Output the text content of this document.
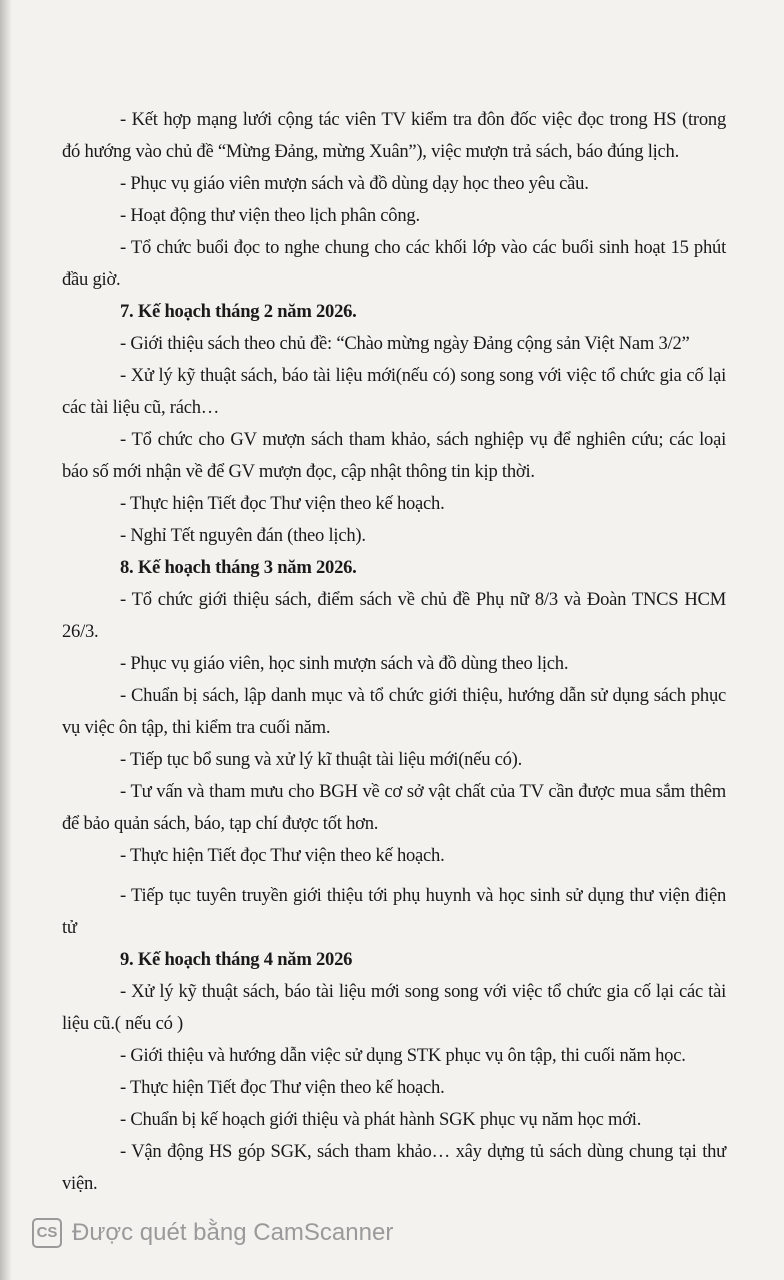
- Kết hợp mạng lưới cộng tác viên TV kiểm tra đôn đốc việc đọc trong HS (trong đó hướng vào chủ đề “Mừng Đảng, mừng Xuân”), việc mượn trả sách, báo đúng lịch.

- Phục vụ giáo viên mượn sách và đồ dùng dạy học theo yêu cầu.

- Hoạt động thư viện theo lịch phân công.

- Tổ chức buổi đọc to nghe chung cho các khối lớp vào các buổi sinh hoạt 15 phút đầu giờ.

7. Kế hoạch tháng 2 năm 2026.

- Giới thiệu sách theo chủ đề: “Chào mừng ngày Đảng cộng sản Việt Nam 3/2”

- Xử lý kỹ thuật sách, báo tài liệu mới(nếu có) song song với việc tổ chức gia cố lại các tài liệu cũ, rách…

- Tổ chức cho GV mượn sách tham khảo, sách nghiệp vụ để nghiên cứu; các loại báo số mới nhận về để GV mượn đọc, cập nhật thông tin kịp thời.

- Thực hiện Tiết đọc Thư viện theo kế hoạch.

- Nghỉ Tết nguyên đán (theo lịch).

8. Kế hoạch tháng 3 năm 2026.

- Tổ chức giới thiệu sách, điểm sách về chủ đề Phụ nữ 8/3 và Đoàn TNCS HCM 26/3.

- Phục vụ giáo viên, học sinh mượn sách và đồ dùng theo lịch.

- Chuẩn bị sách, lập danh mục và tổ chức giới thiệu, hướng dẫn sử dụng sách phục vụ việc ôn tập, thi kiểm tra cuối năm.

- Tiếp tục bổ sung và xử lý kĩ thuật tài liệu mới(nếu có).

- Tư vấn và tham mưu cho BGH về cơ sở vật chất của TV cần được mua sắm thêm để bảo quản sách, báo, tạp chí được tốt hơn.

- Thực hiện Tiết đọc Thư viện theo kế hoạch.

- Tiếp tục tuyên truyền giới thiệu tới phụ huynh và học sinh sử dụng thư viện điện tử

9. Kế hoạch tháng 4 năm 2026

- Xử lý kỹ thuật sách, báo tài liệu mới song song với việc tổ chức gia cố lại các tài liệu cũ.( nếu có )

- Giới thiệu và hướng dẫn việc sử dụng STK phục vụ ôn tập, thi cuối năm học.

- Thực hiện Tiết đọc Thư viện theo kế hoạch.

- Chuẩn bị kế hoạch giới thiệu và phát hành SGK phục vụ năm học mới.

- Vận động HS góp SGK, sách tham khảo… xây dựng tủ sách dùng chung tại thư viện.

CS Được quét bằng CamScanner
